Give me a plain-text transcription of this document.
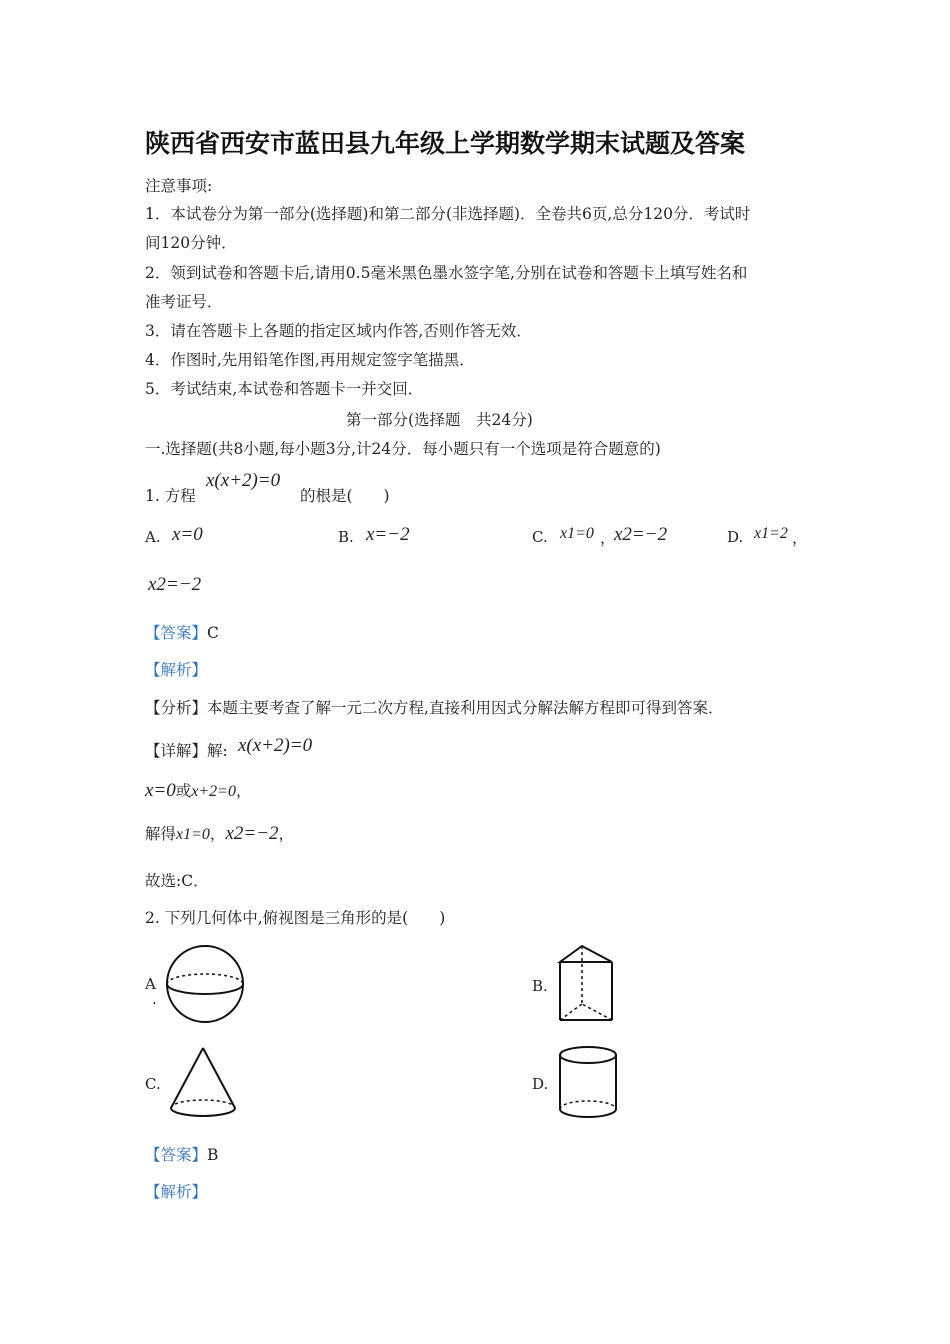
陕西省西安市蓝田县九年级上学期数学期末试题及答案
注意事项:
1．本试卷分为第一部分(选择题)和第二部分(非选择题)．全卷共6页,总分120分．考试时
间120分钟．
2．领到试卷和答题卡后,请用0.5毫米黑色墨水签字笔,分别在试卷和答题卡上填写姓名和
准考证号．
3．请在答题卡上各题的指定区域内作答,否则作答无效．
4．作图时,先用铅笔作图,再用规定签字笔描黑．
5．考试结束,本试卷和答题卡一并交回．
第一部分(选择题　共24分)
一.选择题(共8小题,每小题3分,计24分．每小题只有一个选项是符合题意的)
1. 方程
x(x+2)=0
的根是(　　)
A. x=0	B. x=−2	C. x1=0 ，
x2=−2	D. x1=2 ，
x2=−2
【答案】C
【解析】
【分析】本题主要考查了解一元二次方程,直接利用因式分解法解方程即可得到答案．
【详解】解: x(x+2)=0
x=0或x+2=0，
解得x1=0，x2=−2，
故选:C．
2. 下列几何体中,俯视图是三角形的是(　　)
A
.
B.
C.	D.
【答案】B
【解析】
